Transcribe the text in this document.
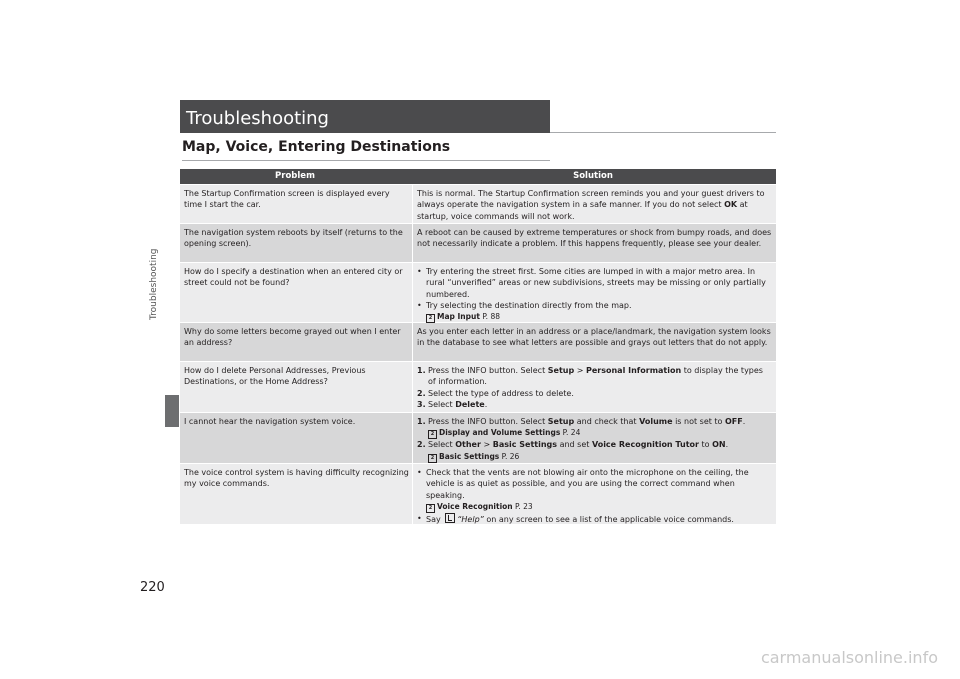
Troubleshooting
220
Troubleshooting
Map, Voice, Entering Destinations
Problem	Solution
The Startup Confirmation screen is displayed every time I start the car.
This is normal. The Startup Confirmation screen reminds you and your guest drivers to always operate the navigation system in a safe manner. If you do not select OK at startup, voice commands will not work.
The navigation system reboots by itself (returns to the opening screen).
A reboot can be caused by extreme temperatures or shock from bumpy roads, and does not necessarily indicate a problem. If this happens frequently, please see your dealer.
How do I specify a destination when an entered city or street could not be found?
• Try entering the street first. Some cities are lumped in with a major metro area. In rural “unverified” areas or new subdivisions, streets may be missing or only partially numbered.
• Try selecting the destination directly from the map.
2 Map Input P. 88
Why do some letters become grayed out when I enter an address?
As you enter each letter in an address or a place/landmark, the navigation system looks in the database to see what letters are possible and grays out letters that do not apply.
How do I delete Personal Addresses, Previous Destinations, or the Home Address?
1. Press the INFO button. Select Setup > Personal Information to display the types of information.
2. Select the type of address to delete.
3. Select Delete.
I cannot hear the navigation system voice.	1. Press the INFO button. Select Setup and check that Volume is not set to OFF.
2 Display and Volume Settings P. 24
2. Select Other > Basic Settings and set Voice Recognition Tutor to ON.
2 Basic Settings P. 26
The voice control system is having difficulty recognizing my voice commands.
• Check that the vents are not blowing air onto the microphone on the ceiling, the vehicle is as quiet as possible, and you are using the correct command when speaking.
2 Voice Recognition P. 23
• Say “Help” on any screen to see a list of the applicable voice commands.
carmanualsonline.info
